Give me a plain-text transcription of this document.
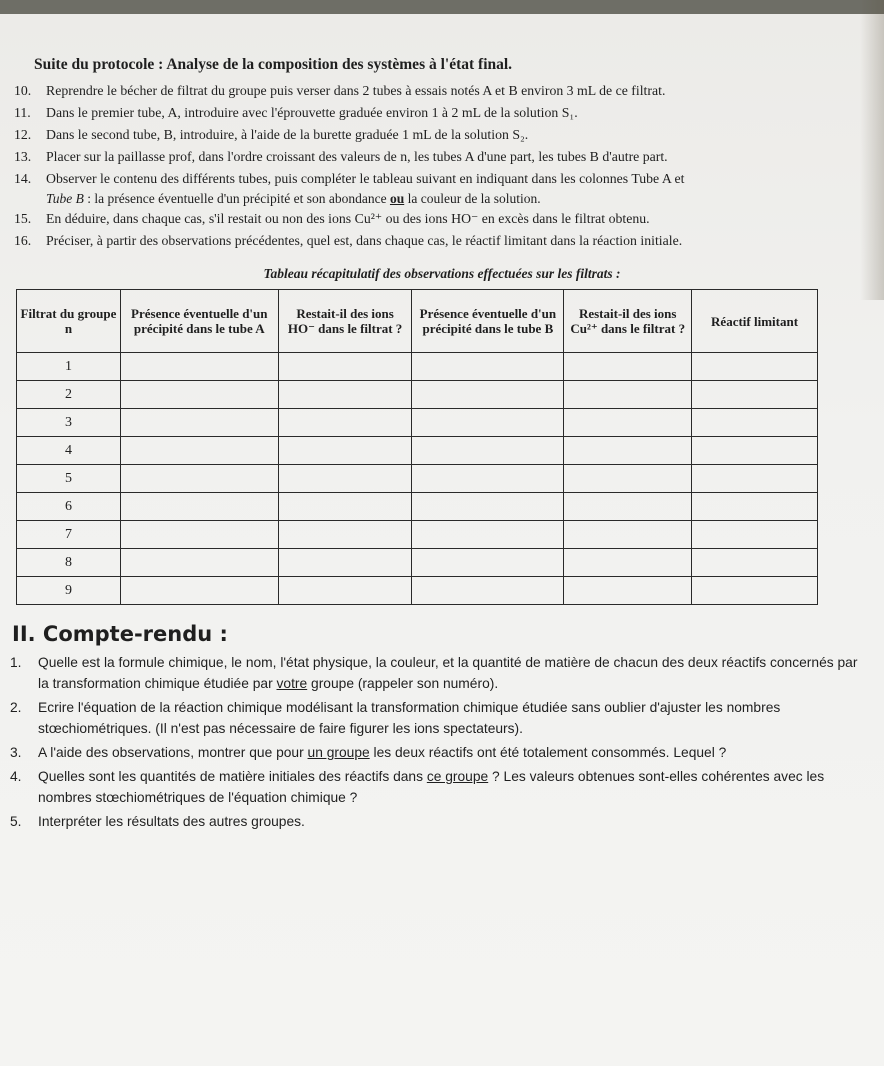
Suite du protocole : Analyse de la composition des systèmes à l'état final.
10. Reprendre le bécher de filtrat du groupe puis verser dans 2 tubes à essais notés A et B environ 3 mL de ce filtrat.
11. Dans le premier tube, A, introduire avec l'éprouvette graduée environ 1 à 2 mL de la solution S₁.
12. Dans le second tube, B, introduire, à l'aide de la burette graduée 1 mL de la solution S₂.
13. Placer sur la paillasse prof, dans l'ordre croissant des valeurs de n, les tubes A d'une part, les tubes B d'autre part.
14. Observer le contenu des différents tubes, puis compléter le tableau suivant en indiquant dans les colonnes Tube A et
Tube B : la présence éventuelle d'un précipité et son abondance ou la couleur de la solution.
15. En déduire, dans chaque cas, s'il restait ou non des ions Cu²⁺ ou des ions HO⁻ en excès dans le filtrat obtenu.
16. Préciser, à partir des observations précédentes, quel est, dans chaque cas, le réactif limitant dans la réaction initiale.
Tableau récapitulatif des observations effectuées sur les filtrats :
Filtrat du groupe n	Présence éventuelle d'un précipité dans le tube A	Restait-il des ions HO⁻ dans le filtrat ?	Présence éventuelle d'un précipité dans le tube B	Restait-il des ions Cu²⁺ dans le filtrat ?	Réactif limitant
1					
2					
3					
4					
5					
6					
7					
8					
9					
II. Compte-rendu :
1. Quelle est la formule chimique, le nom, l'état physique, la couleur, et la quantité de matière de chacun des deux réactifs concernés par la transformation chimique étudiée par votre groupe (rappeler son numéro).
2. Ecrire l'équation de la réaction chimique modélisant la transformation chimique étudiée sans oublier d'ajuster les nombres stœchiométriques. (Il n'est pas nécessaire de faire figurer les ions spectateurs).
3. A l'aide des observations, montrer que pour un groupe les deux réactifs ont été totalement consommés. Lequel ?
4. Quelles sont les quantités de matière initiales des réactifs dans ce groupe ? Les valeurs obtenues sont-elles cohérentes avec les nombres stœchiométriques de l'équation chimique ?
5. Interpréter les résultats des autres groupes.
